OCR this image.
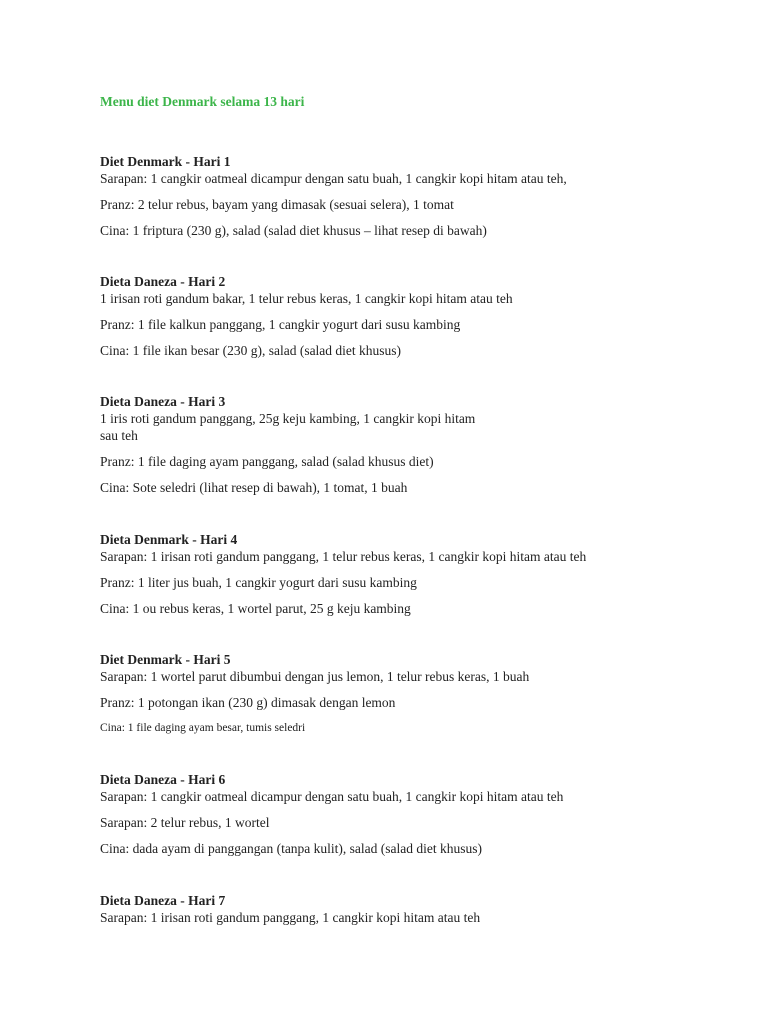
Menu diet Denmark selama 13 hari
Diet Denmark - Hari 1
Sarapan: 1 cangkir oatmeal dicampur dengan satu buah, 1 cangkir kopi hitam atau teh,
Pranz: 2 telur rebus, bayam yang dimasak (sesuai selera), 1 tomat
Cina: 1 friptura (230 g), salad (salad diet khusus – lihat resep di bawah)
Dieta Daneza - Hari 2
1 irisan roti gandum bakar, 1 telur rebus keras, 1 cangkir kopi hitam atau teh
Pranz: 1 file kalkun panggang, 1 cangkir yogurt dari susu kambing
Cina: 1 file ikan besar (230 g), salad (salad diet khusus)
Dieta Daneza - Hari 3
1 iris roti gandum panggang, 25g keju kambing, 1 cangkir kopi hitam
sau teh
Pranz: 1 file daging ayam panggang, salad (salad khusus diet)
Cina: Sote seledri (lihat resep di bawah), 1 tomat, 1 buah
Dieta Denmark - Hari 4
Sarapan: 1 irisan roti gandum panggang, 1 telur rebus keras, 1 cangkir kopi hitam atau teh
Pranz: 1 liter jus buah, 1 cangkir yogurt dari susu kambing
Cina: 1 ou rebus keras, 1 wortel parut, 25 g keju kambing
Diet Denmark - Hari 5
Sarapan: 1 wortel parut dibumbui dengan jus lemon, 1 telur rebus keras, 1 buah
Pranz: 1 potongan ikan (230 g) dimasak dengan lemon
Cina: 1 file daging ayam besar, tumis seledri
Dieta Daneza - Hari 6
Sarapan: 1 cangkir oatmeal dicampur dengan satu buah, 1 cangkir kopi hitam atau teh
Sarapan: 2 telur rebus, 1 wortel
Cina: dada ayam di panggangan (tanpa kulit), salad (salad diet khusus)
Dieta Daneza - Hari 7
Sarapan: 1 irisan roti gandum panggang, 1 cangkir kopi hitam atau teh
